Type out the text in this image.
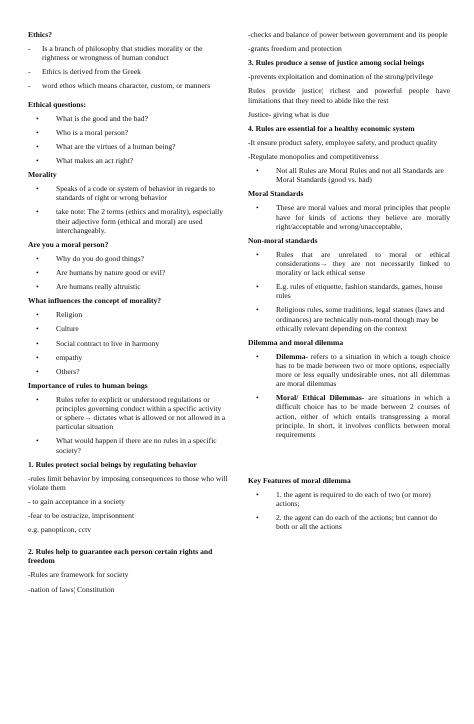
Ethics?
- Is a branch of philosophy that studies morality or the rightness or wrongness of human conduct
- Ethics is derived from the Greek
- word ethos which means character, custom, or manners
Ethical questions:
• What is the good and the bad?
• Who is a moral person?
• What are the virtues of a human being?
• What makes an act right?
Morality
• Speaks of a code or system of behavior in regards to standards of right or wrong behavior
• take note: The 2 terms (ethics and morality), especially their adjective form (ethical and moral) are used interchangeably.
Are you a moral person?
• Why do you do good things?
• Are humans by nature good or evil?
• Are humans really altruistic
What influences the concept of morality?
• Religion
• Culture
• Social contract to live in harmony
• empathy
• Others?
Importance of rules to human beings
• Rules refer to explicit or understood regulations or principles governing conduct within a specific activity or sphere→ dictates what is allowed or not allowed in a particular situation
• What would happen if there are no rules in a specific society?
1. Rules protect social beings by regulating behavior
-rules limit behavior by imposing consequences to those who will violate them
- to gain acceptance in a society
-fear to be ostracize, imprisonment
e.g. panopticon, cctv
2. Rules help to guarantee each person certain rights and freedom
-Rules are framework for society
-nation of laws¦ Constitution
-checks and balance of power between government and its people
-grants freedom and protection
3. Rules produce a sense of justice among social beings
-prevents exploitation and domination of the strong/privilege
Rules provide justice¦ richest and powerful people have limitations that they need to abide like the rest
Justice- giving what is due
4. Rules are essential for a healthy economic system
-It ensure product safety, employee safety, and product quality
-Regulate monopolies and competitiveness
• Not all Rules are Moral Rules and not all Standards are Moral Standards (good vs. bad)
Moral Standards
• These are moral values and moral principles that people have for kinds of actions they believe are morally right/acceptable and wrong/unacceptable,
Non-moral standards
• Rules that are unrelated to moral or ethical considerations→ they are not necessarily linked to morality or lack ethical sense
• E.g. rules of etiquette, fashion standards, games, house rules
• Religious rules, some traditions, legal statues (laws and ordinances) are technically non-moral though may be ethically relevant depending on the context
Dilemma and moral dilemma
• Dilemma- refers to a situation in which a tough choice has to be made between two or more options, especially more or less equally undesirable ones, not all dilemmas are moral dilemmas
• Moral/ Ethical Dilemmas- are situations in which a difficult choice has to be made between 2 courses of action, either of which entails transgressing a moral principle. In short, it involves conflicts between moral requirements
Key Features of moral dilemma
• 1. the agent is required to do each of two (or more) actions;
• 2. the agent can do each of the actions; but cannot do both or all the actions
